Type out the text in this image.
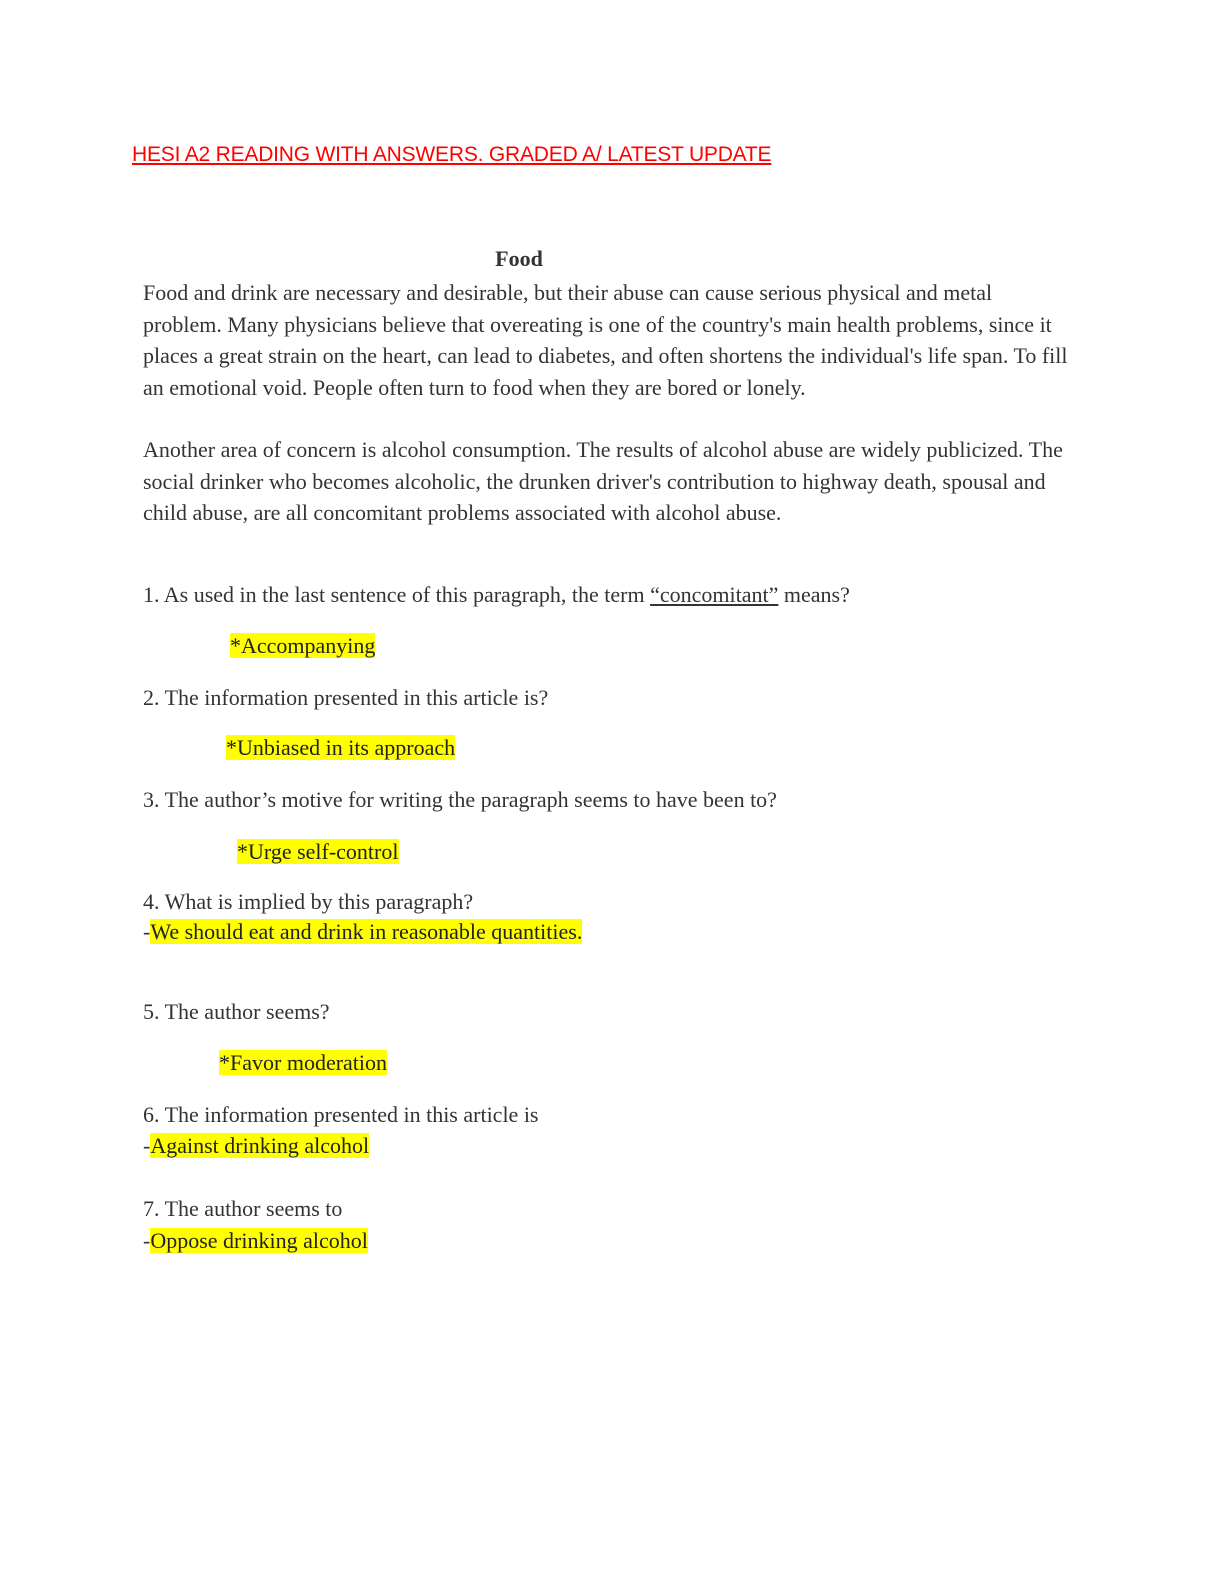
HESI A2 READING WITH ANSWERS. GRADED A/ LATEST UPDATE
Food
Food and drink are necessary and desirable, but their abuse can cause serious physical and metal problem. Many physicians believe that overeating is one of the country's main health problems, since it places a great strain on the heart, can lead to diabetes, and often shortens the individual's life span. To fill an emotional void. People often turn to food when they are bored or lonely.
Another area of concern is alcohol consumption. The results of alcohol abuse are widely publicized. The social drinker who becomes alcoholic, the drunken driver's contribution to highway death, spousal and child abuse, are all concomitant problems associated with alcohol abuse.
1. As used in the last sentence of this paragraph, the term “concomitant” means?
*Accompanying
2. The information presented in this article is?
*Unbiased in its approach
3. The author’s motive for writing the paragraph seems to have been to?
*Urge self-control
4. What is implied by this paragraph?
-We should eat and drink in reasonable quantities.
5. The author seems?
*Favor moderation
6. The information presented in this article is
-Against drinking alcohol
7. The author seems to
-Oppose drinking alcohol
